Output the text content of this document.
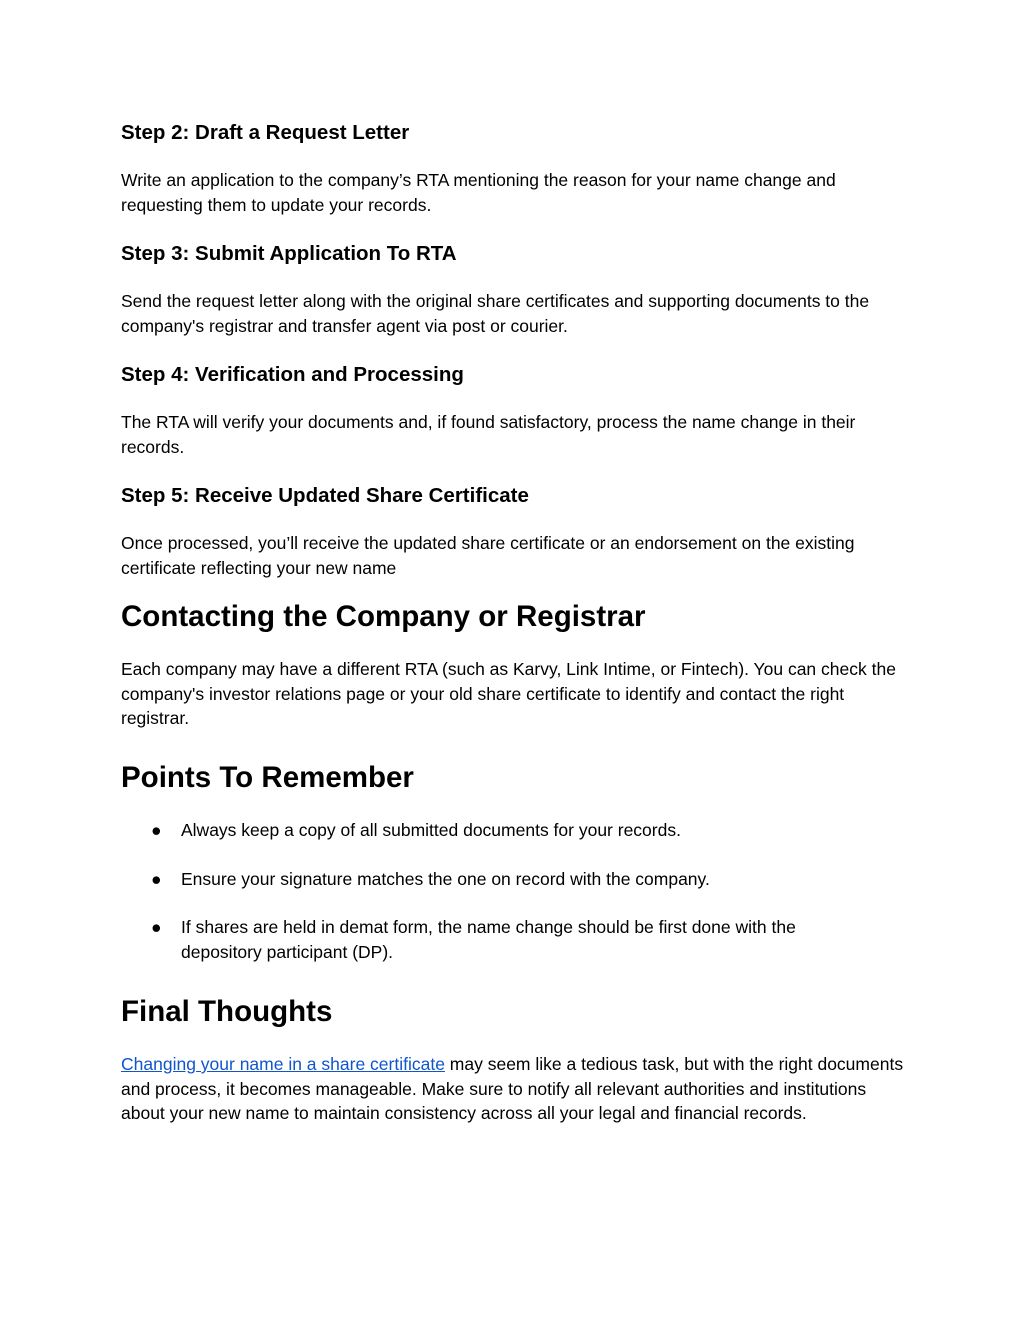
Step 2: Draft a Request Letter

Write an application to the company’s RTA mentioning the reason for your name change and requesting them to update your records.

Step 3: Submit Application To RTA

Send the request letter along with the original share certificates and supporting documents to the company's registrar and transfer agent via post or courier.

Step 4: Verification and Processing

The RTA will verify your documents and, if found satisfactory, process the name change in their records.

Step 5: Receive Updated Share Certificate

Once processed, you’ll receive the updated share certificate or an endorsement on the existing certificate reflecting your new name

Contacting the Company or Registrar

Each company may have a different RTA (such as Karvy, Link Intime, or Fintech). You can check the company's investor relations page or your old share certificate to identify and contact the right registrar.

Points To Remember
● Always keep a copy of all submitted documents for your records.
● Ensure your signature matches the one on record with the company.
● If shares are held in demat form, the name change should be first done with the depository participant (DP).
Final Thoughts

Changing your name in a share certificate may seem like a tedious task, but with the right documents and process, it becomes manageable. Make sure to notify all relevant authorities and institutions about your new name to maintain consistency across all your legal and financial records.
